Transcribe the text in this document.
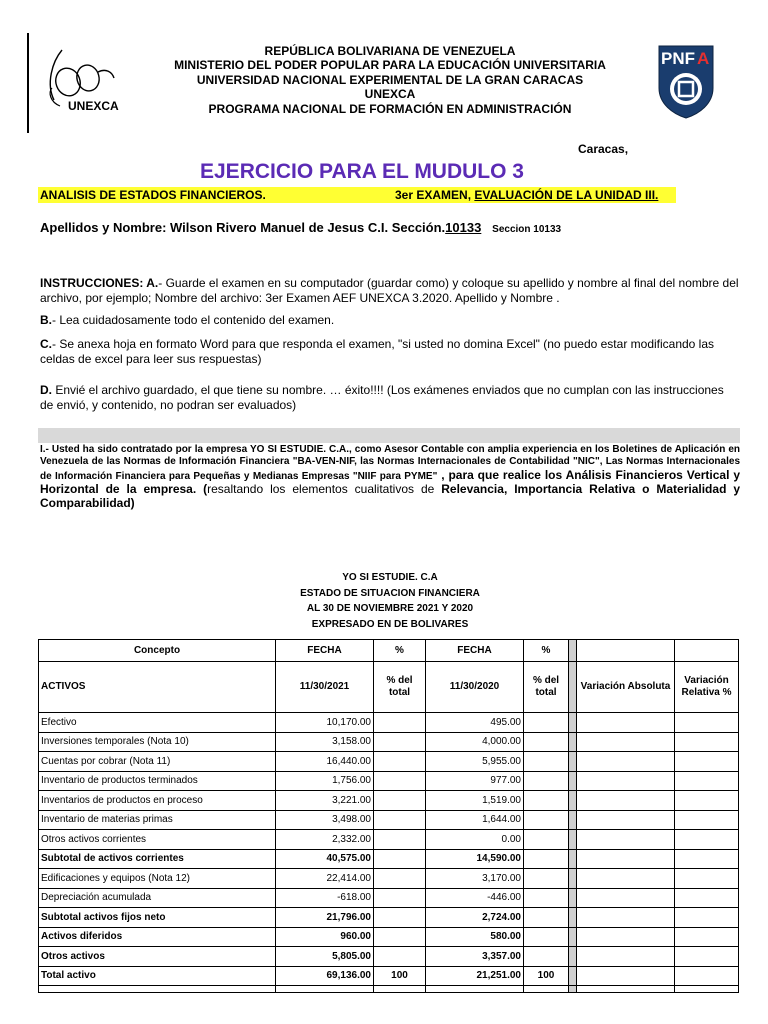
UNEXCA
PNF A
REPÚBLICA BOLIVARIANA DE VENEZUELA
MINISTERIO DEL PODER POPULAR PARA LA EDUCACIÓN UNIVERSITARIA
UNIVERSIDAD NACIONAL EXPERIMENTAL DE LA GRAN CARACAS
UNEXCA
PROGRAMA NACIONAL DE FORMACIÓN EN ADMINISTRACIÓN
Caracas,
EJERCICIO PARA EL MUDULO 3
ANALISIS DE ESTADOS FINANCIEROS.	3er EXAMEN, EVALUACIÓN DE LA UNIDAD III.
Apellidos y Nombre: Wilson Rivero Manuel de Jesus C.I. Sección.10133 Seccion 10133
INSTRUCCIONES: A.- Guarde el examen en su computador (guardar como) y coloque su apellido y nombre al final del nombre del archivo, por ejemplo; Nombre del archivo: 3er Examen AEF UNEXCA 3.2020. Apellido y Nombre .
B.- Lea cuidadosamente todo el contenido del examen.
C.- Se anexa hoja en formato Word para que responda el examen, "si usted no domina Excel" (no puedo estar modificando las celdas de excel para leer sus respuestas)
D. Envié el archivo guardado, el que tiene su nombre. … éxito!!!! (Los exámenes enviados que no cumplan con las instrucciones de envió, y contenido, no podran ser evaluados)
I.- Usted ha sido contratado por la empresa YO SI ESTUDIE. C.A., como Asesor Contable con amplia experiencia en los Boletines de Aplicación en Venezuela de las Normas de Información Financiera "BA-VEN-NIF, las Normas Internacionales de Contabilidad "NIC", Las Normas Internacionales de Información Financiera para Pequeñas y Medianas Empresas "NIIF para PYME" , para que realice los Análisis Financieros Vertical y Horizontal de la empresa. (resaltando los elementos cualitativos de Relevancia, Importancia Relativa o Materialidad y Comparabilidad)
YO SI ESTUDIE. C.A
ESTADO DE SITUACION FINANCIERA
AL 30 DE NOVIEMBRE 2021 Y 2020
EXPRESADO EN DE BOLIVARES
Concepto	FECHA	%	FECHA	%			
ACTIVOS	11/30/2021	% del total	11/30/2020	% del total		Variación Absoluta	Variación Relativa %
Efectivo	10,170.00		495.00				
Inversiones temporales (Nota 10)	3,158.00		4,000.00				
Cuentas por cobrar (Nota 11)	16,440.00		5,955.00				
Inventario de productos terminados	1,756.00		977.00				
Inventarios de productos en proceso	3,221.00		1,519.00				
Inventario de materias primas	3,498.00		1,644.00				
Otros activos corrientes	2,332.00		0.00				
Subtotal de activos corrientes	40,575.00		14,590.00				
Edificaciones y equipos (Nota 12)	22,414.00		3,170.00				
Depreciación acumulada	-618.00		-446.00				
Subtotal activos fijos neto	21,796.00		2,724.00				
Activos diferidos	960.00		580.00				
Otros activos	5,805.00		3,357.00				
Total activo	69,136.00	100	21,251.00	100			
